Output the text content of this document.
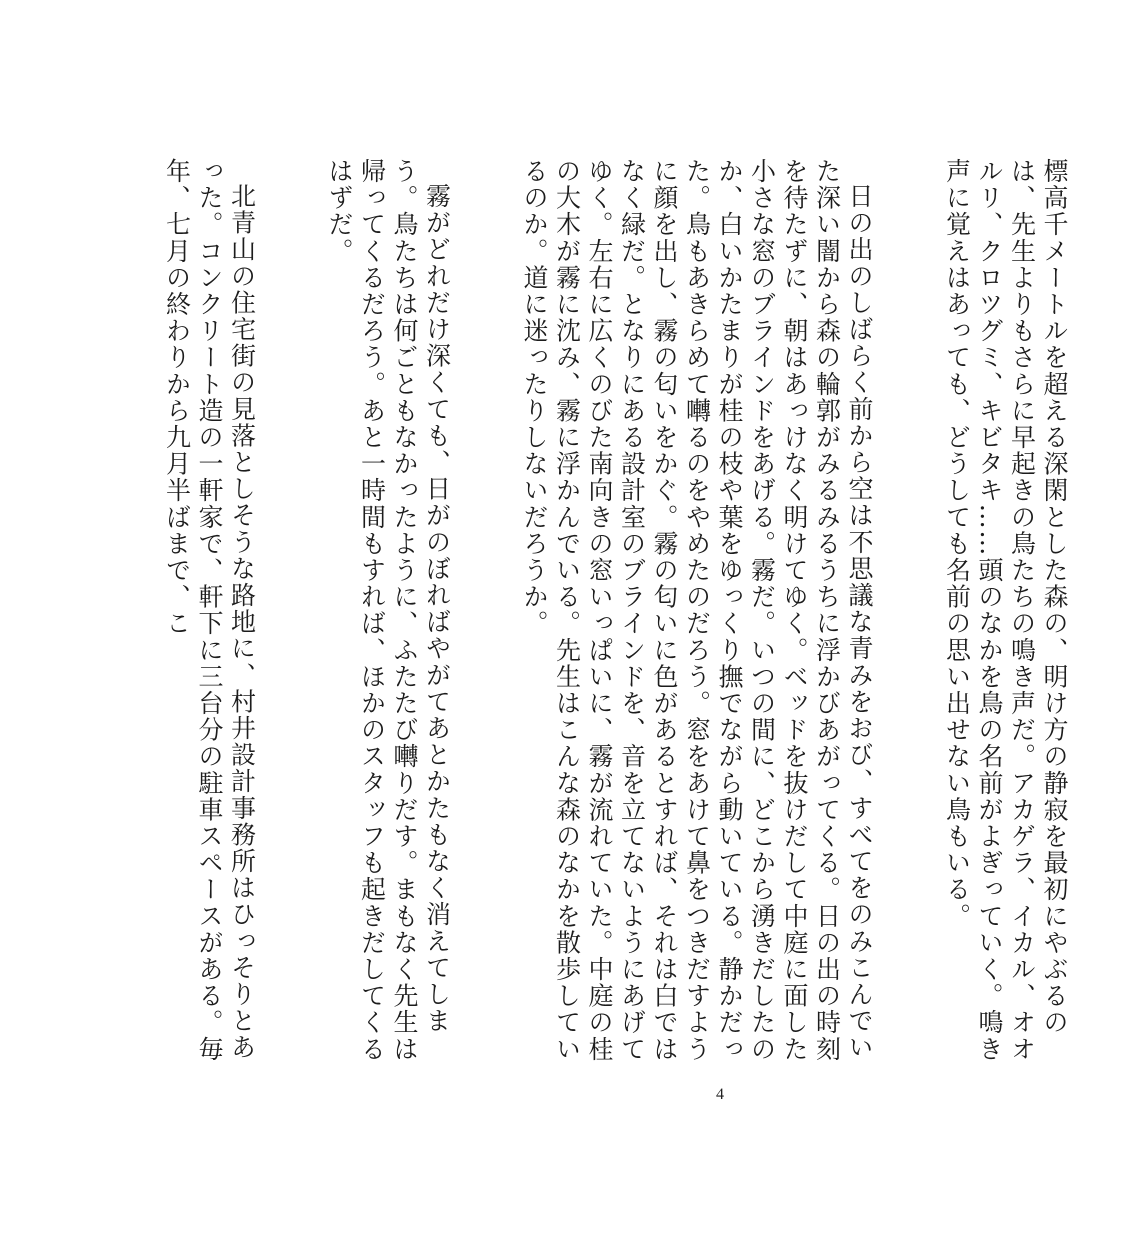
標高千メートルを超える深閑とした森の、明け方の静寂を最初にやぶるのは、先生よりもさらに早起きの鳥たちの鳴き声だ。アカゲラ、イカル、オオルリ、クロツグミ、キビタキ……頭のなかを鳥の名前がよぎっていく。鳴き声に覚えはあっても、どうしても名前の思い出せない鳥もいる。

日の出のしばらく前から空は不思議な青みをおび、すべてをのみこんでいた深い闇から森の輪郭がみるみるうちに浮かびあがってくる。日の出の時刻を待たずに、朝はあっけなく明けてゆく。ベッドを抜けだして中庭に面した小さな窓のブラインドをあげる。霧だ。いつの間に、どこから湧きだしたのか、白いかたまりが桂の枝や葉をゆっくり撫でながら動いている。静かだった。鳥もあきらめて囀るのをやめたのだろう。窓をあけて鼻をつきだすように顔を出し、霧の匂いをかぐ。霧の匂いに色があるとすれば、それは白ではなく緑だ。となりにある設計室のブラインドを、音を立てないようにあげてゆく。左右に広くのびた南向きの窓いっぱいに、霧が流れていた。中庭の桂の大木が霧に沈み、霧に浮かんでいる。先生はこんな森のなかを散歩しているのか。道に迷ったりしないだろうか。

霧がどれだけ深くても、日がのぼればやがてあとかたもなく消えてしまう。鳥たちは何ごともなかったように、ふたたび囀りだす。まもなく先生は帰ってくるだろう。あと一時間もすれば、ほかのスタッフも起きだしてくるはずだ。

北青山の住宅街の見落としそうな路地に、村井設計事務所はひっそりとあった。コンクリート造の一軒家で、軒下に三台分の駐車スペースがある。毎年、七月の終わりから九月半ばまで、こ

4
